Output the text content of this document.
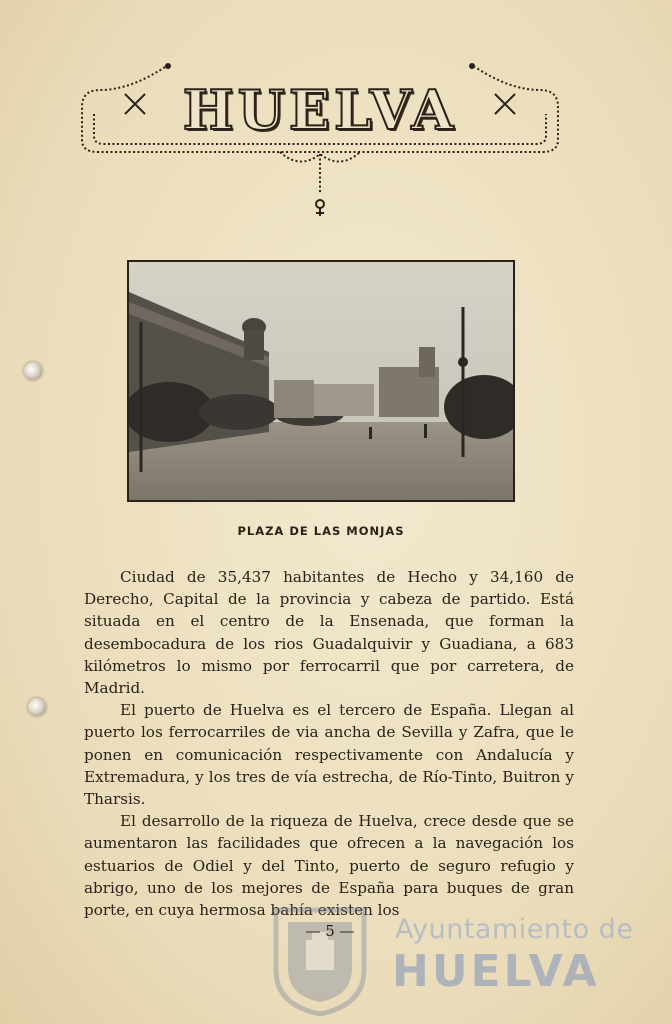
HUELVA
PLAZA DE LAS MONJAS

Ciudad de 35,437 habitantes de Hecho y 34,160 de Derecho, Capital de la provincia y cabeza de partido. Está situada en el centro de la Ensenada, que forman la desembocadura de los rios Guadalquivir y Guadiana, a 683 kilómetros lo mismo por ferrocarril que por carretera, de Madrid.

El puerto de Huelva es el tercero de España. Llegan al puerto los ferrocarriles de via ancha de Sevilla y Zafra, que le ponen en comunicación respectivamente con Andalucía y Extremadura, y los tres de vía estrecha, de Río-Tinto, Buitron y Tharsis.

El desarrollo de la riqueza de Huelva, crece desde que se aumentaron las facilidades que ofrecen a la navegación los estuarios de Odiel y del Tinto, puerto de seguro refugio y abrigo, uno de los mejores de España para buques de gran porte, en cuya hermosa bahía existen los

— 5 —	Ayuntamiento de
HUELVA
